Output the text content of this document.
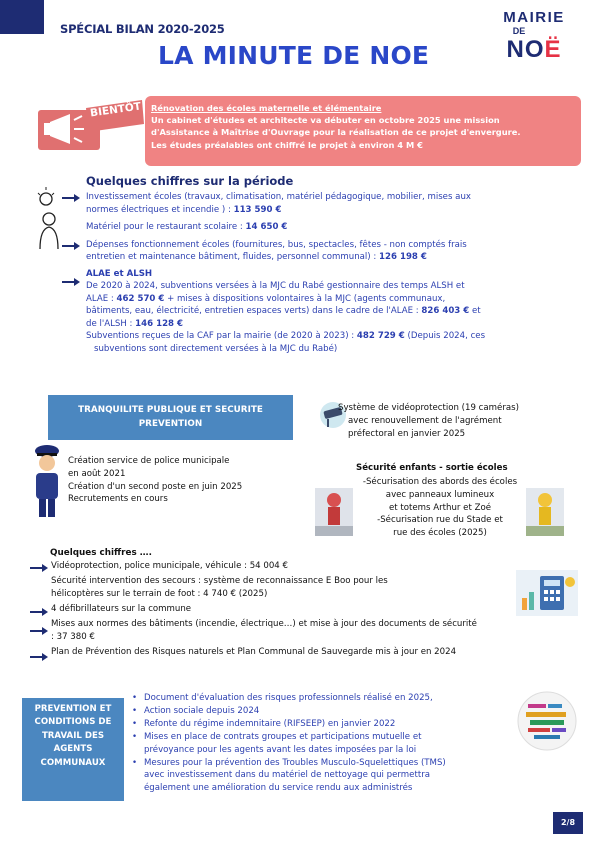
SPÉCIAL BILAN 2020-2025
LA MINUTE DE NOE
MAIRIE
DE
NOË
BIENTÔT Rénovation des écoles maternelle et élémentaire
Un cabinet d'études et architecte va débuter en octobre 2025 une mission
d'Assistance à Maîtrise d'Ouvrage pour la réalisation de ce projet d'envergure.
Les études préalables ont chiffré le projet à environ 4 M €
Quelques chiffres sur la période
Investissement écoles (travaux, climatisation, matériel pédagogique, mobilier, mises aux
normes électriques et incendie ) : 113 590 €
Matériel pour le restaurant scolaire : 14 650 €
Dépenses fonctionnement écoles (fournitures, bus, spectacles, fêtes - non comptés frais
entretien et maintenance bâtiment, fluides, personnel communal) : 126 198 €
ALAE et ALSH
De 2020 à 2024, subventions versées à la MJC du Rabé gestionnaire des temps ALSH et
ALAE : 462 570 € + mises à dispositions volontaires à la MJC (agents communaux,
bâtiments, eau, électricité, entretien espaces verts) dans le cadre de l'ALAE : 826 403 € et
de l'ALSH : 146 128 €
Subventions reçues de la CAF par la mairie (de 2020 à 2023) : 482 729 € (Depuis 2024, ces
subventions sont directement versées à la MJC du Rabé)
TRANQUILITE PUBLIQUE ET SECURITE PREVENTION
Système de vidéoprotection (19 caméras)
avec renouvellement de l'agrément
préfectoral en janvier 2025
Création service de police municipale
en août 2021
Création d'un second poste en juin 2025
Recrutements en cours
Sécurité enfants - sortie écoles
-Sécurisation des abords des écoles
avec panneaux lumineux
et totems Arthur et Zoé
-Sécurisation rue du Stade et
rue des écoles (2025)
Quelques chiffres ….
Vidéoprotection, police municipale, véhicule : 54 004 €
Sécurité intervention des secours : système de reconnaissance E Boo pour les
hélicoptères sur le terrain de foot : 4 740 € (2025)
4 défibrillateurs sur la commune
Mises aux normes des bâtiments (incendie, électrique…) et mise à jour des documents de sécurité
: 37 380 €
Plan de Prévention des Risques naturels et Plan Communal de Sauvegarde mis à jour en 2024
PREVENTION ET CONDITIONS DE TRAVAIL DES AGENTS COMMUNAUX
• Document d'évaluation des risques professionnels réalisé en 2025,
• Action sociale depuis 2024
• Refonte du régime indemnitaire (RIFSEEP) en janvier 2022
• Mises en place de contrats groupes et participations mutuelle et
prévoyance pour les agents avant les dates imposées par la loi
• Mesures pour la prévention des Troubles Musculo-Squelettiques (TMS)
avec investissement dans du matériel de nettoyage qui permettra
également une amélioration du service rendu aux administrés
2/8
